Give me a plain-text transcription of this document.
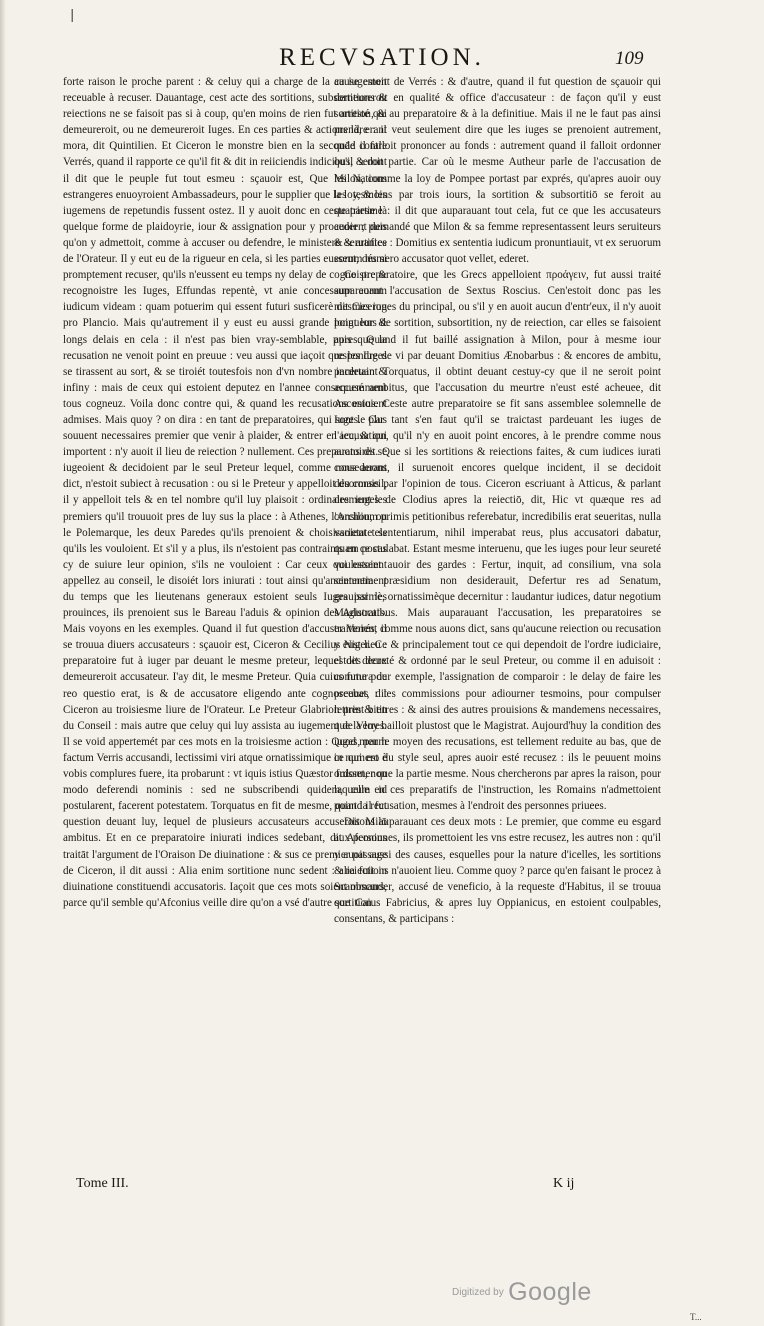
|
RECVSATION.	109

forte raison le proche parent : & celuy qui a charge de la cause estoit receuable à recuser. Dauantage, cest acte des sortitions, subsortitions & reiections ne se faisoit pas si à coup, qu'en moins de rien fut arresté qui demeureroit, ou ne demeureroit Iuges. En ces parties & actions là, erant mora, dit Quintilien. Et Ciceron le monstre bien en la seconde contre Verrés, quand il rapporte ce qu'il fit & dit in reiiciendis indicibus, & dont il dit que le peuple fut tout esmeu : sçauoir est, Que les Nations estrangeres enuoyroient Ambassadeurs, pour le supplier que la loy, & les iugemens de repetundis fussent ostez. Il y auoit donc en ceste partie là quelque forme de plaidoyrie, iour & assignation pour y proceder ; puis qu'on y admettoit, comme à accuser ou defendre, le ministere & artifice de l'Orateur. Il y eut eu de la rigueur en cela, si les parties eussent, dés si promptement recuser, qu'ils n'eussent eu temps ny delay de cognoistre & recognoistre les Iuges, Effundas repentè, vt anie concessum eorum iudicum videam : quam potuerim qui essent futuri susficerè dit Ciceron pro Plancio. Mais qu'autrement il y eust eu aussi grande longueur & longs delais en cela : il n'est pas bien vray-semblable, puis que la recusation ne venoit point en preuue : veu aussi que iaçoit que les Iuges se tirassent au sort, & se tiroiét toutesfois non d'vn nombre incertain & infiny : mais de ceux qui estoient deputez en l'annee consequemment tous cogneuz. Voila donc contre qui, & quand les recusations estoient admises. Mais quoy ? on dira : en tant de preparatoires, qui sont le plus souuent necessaires premier que venir à plaider, & entrer en ieu, & qui importent : n'y auoit il lieu de reiection ? nullement. Ces preparatoires se iugeoient & decidoient par le seul Preteur lequel, comme nous auons dict, n'estoit subiect à recusation : ou si le Preteur y appelloit du conseil, il y appelloit tels & en tel nombre qu'il luy plaisoit : ordinairement les premiers qu'il trouuoit pres de luy sus la place : à Athenes, l'Archon, ou le Polemarque, les deux Paredes qu'ils prenoient & choisissoient tels qu'ils les vouloient. Et s'il y a plus, ils n'estoient pas contraints en ce cas cy de suiure leur opinion, s'ils ne vouloient : Car ceux qui estoient appellez au conseil, le disoiét lors iniurati : tout ainsi qu'anciennement du temps que les lieutenans generaux estoient seuls Iuges par les prouinces, ils prenoient sus le Bareau l'aduis & opinion des Aduocats. Mais voyons en les exemples. Quand il fut question d'accuser Verrés, il se trouua diuers accusateurs : sçauoir est, Ciceron & Cecilius Niger. Ce preparatoire fut à iuger par deuant le mesme preteur, lequel des deux demeureroit accusateur. I'ay dit, le mesme Preteur. Quia cuius futura de reo questio erat, is & de accusatore eligendo ante cognoscebat, dit Ciceron au troisiesme liure de l'Orateur. Le Preteur Glabrion print bien du Conseil : mais autre que celuy qui luy assista au iugement de Verres. Il se void appertemét par ces mots en la troisiesme action : Quod meum factum Verris accusandi, lectissimi viri atque ornatissimique in numero è vobis complures fuere, ita probarunt : vt iquis istius Quæstor fuisset, non modo deferendi nominis : sed ne subscribendi quidem, cum id postularent, facerent potestatem. Torquatus en fit de mesme, quand il fut question deuant luy, lequel de plusieurs accusateurs accuseroit Milō ambitus. Et en ce preparatoire iniurati indices sedebant, dit Afconius traitāt l'argument de l'Oraison De diuinatione : & sus ce premier passage de Ciceron, il dit aussi : Alia enim sortitione nunc sedent : alia fuit in diuinatione constituendi accusatoris. Iaçoit que ces mots soient obscurs, parce qu'il semble qu'Afconius veille dire qu'on a vsé d'autre sortition

au iugement de Verrés : & d'autre, quand il fut question de sçauoir qui demeureroit en qualité & office d'accusateur : de façon qu'il y eust sortition, & au preparatoire & à la definitiue. Mais il ne le faut pas ainsi prendre : il veut seulement dire que les iuges se prenoient autrement, quād il falloit prononcer au fonds : autrement quand il falloit ordonner qu'il seroit partie. Car où le mesme Autheur parle de l'accusation de Milon, comme la loy de Pompee portast par exprés, qu'apres auoir ouy les tesmoins par trois iours, la sortition & subsortitiō se feroit au quatriesme : il dit que auparauant tout cela, fut ce que les accusateurs auoient demandé que Milon & sa femme representassent leurs seruiteurs & seruantes : Domitius ex sententia iudicum pronuntiauit, vt ex seruorum eorum numero accusator quot vellet, ederet.

Ce preparatoire, que les Grecs appelloient προάγειν, fut aussi traité auparauant l'accusation de Sextus Roscius. Cen'estoit donc pas les mesmes iuges du principal, ou s'il y en auoit aucun d'entr'eux, il n'y auoit point lors de sortition, subsortition, ny de reiection, car elles se faisoient apres. Quand il fut baillé assignation à Milon, pour à mesme iour respondre de vi par deuant Domitius Ænobarbus : & encores de ambitu, pardeuant Torquatus, il obtint deuant cestuy-cy que il ne seroit point accusé ambitus, que l'accusation du meurtre n'eust esté acheuee, dit Asconius. Ceste autre preparatoire se fit sans assemblee solemnelle de Iuges. Car tant s'en faut qu'il se traictast pardeuant les iuges de l'accusation, qu'il n'y en auoit point encores, à le prendre comme nous auons dit. Que si les sortitions & reiections faites, & cum iudices iurati consederant, il suruenoit encores quelque incident, il se decidoit desormais par l'opinion de tous. Ciceron escriuant à Atticus, & parlant des iuges de Clodius apres la reiectiō, dit, Hic vt quæque res ad consilium primis petitionibus referebatur, incredibilis erat seueritas, nulla varietate sententiarum, nihil imperabat reus, plus accusatori dabatur, quam postulabat. Estant mesme interuenu, que les iuges pour leur seureté voulussent auoir des gardes : Fertur, inquit, ad consilium, vna sola sententia præsidium non desiderauit, Defertur res ad Senatum, grauissimè, ornatissimèque decernitur : laudantur iudices, datur negotium Magistratibus. Mais auparauant l'accusation, les preparatoires se traittoient comme nous auons dict, sans qu'aucune reiection ou recusation y eust lieu : & principalement tout ce qui dependoit de l'ordre iudiciaire, estoit decreté & ordonné par le seul Preteur, ou comme il en aduisoit : comme pour exemple, l'assignation de comparoir : le delay de faire les preuues : les commissions pour adiourner tesmoins, pour compulser lettres & titres : & ainsi des autres prouisions & mandemens necessaires, que la loy bailloit plustost que le Magistrat. Aujourd'huy la condition des iuges, par le moyen des recusations, est tellement reduite au bas, que de ce qui est du style seul, apres auoir esté recusez : ils le peuuent moins ordonner que la partie mesme. Nous chercherons par apres la raison, pour laquelle en ces preparatifs de l'instruction, les Romains n'admettoient point la recusation, mesmes à l'endroit des personnes priuees.

Disons auparauant ces deux mots : Le premier, que comme eu esgard aux personnes, ils promettoient les vns estre recusez, les autres non : qu'il y auoit aussi des causes, esquelles pour la nature d'icelles, les sortitions & reiections n'auoient lieu. Comme quoy ? parce qu'en faisant le procez à Scammander, accusé de veneficio, à la requeste d'Habitus, il se trouua que Caius Fabricius, & apres luy Oppianicus, en estoient coulpables, consentans, & participans :

Tome III.	K ij
Digitized by Google
T...
